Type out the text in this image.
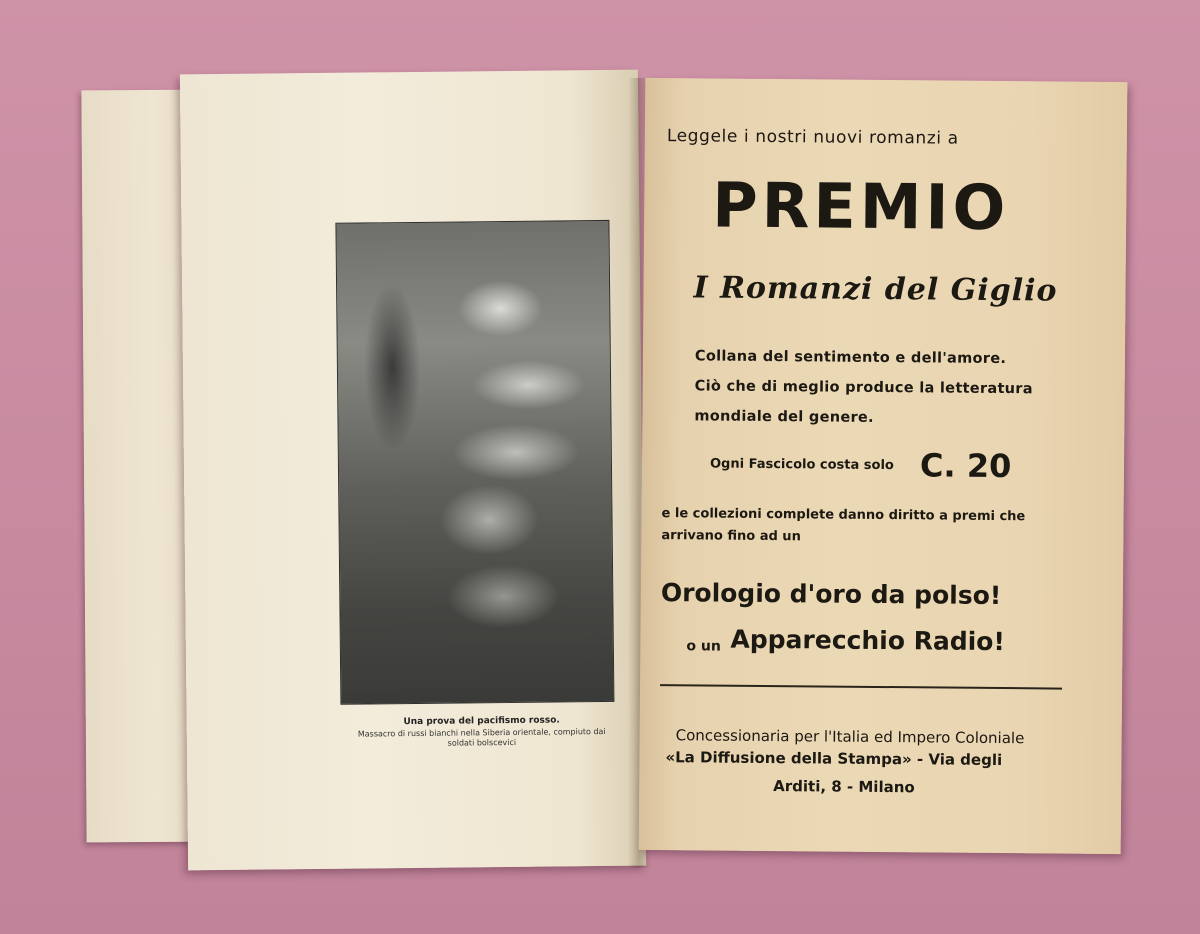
Una prova del pacifismo rosso.
Massacro di russi bianchi nella Siberia orientale, compiuto dai
soldati bolscevici
Leggele i nostri nuovi romanzi a
PREMIO
I Romanzi del Giglio
Collana del sentimento e dell'amore.
Ciò che di meglio produce la letteratura
mondiale del genere.
Ogni Fascicolo costa solo C. 20
e le collezioni complete danno diritto a premi che
arrivano fino ad un
Orologio d'oro da polso!
o un Apparecchio Radio!
Concessionaria per l'Italia ed Impero Coloniale
«La Diffusione della Stampa» - Via degli
Arditi, 8 - Milano
